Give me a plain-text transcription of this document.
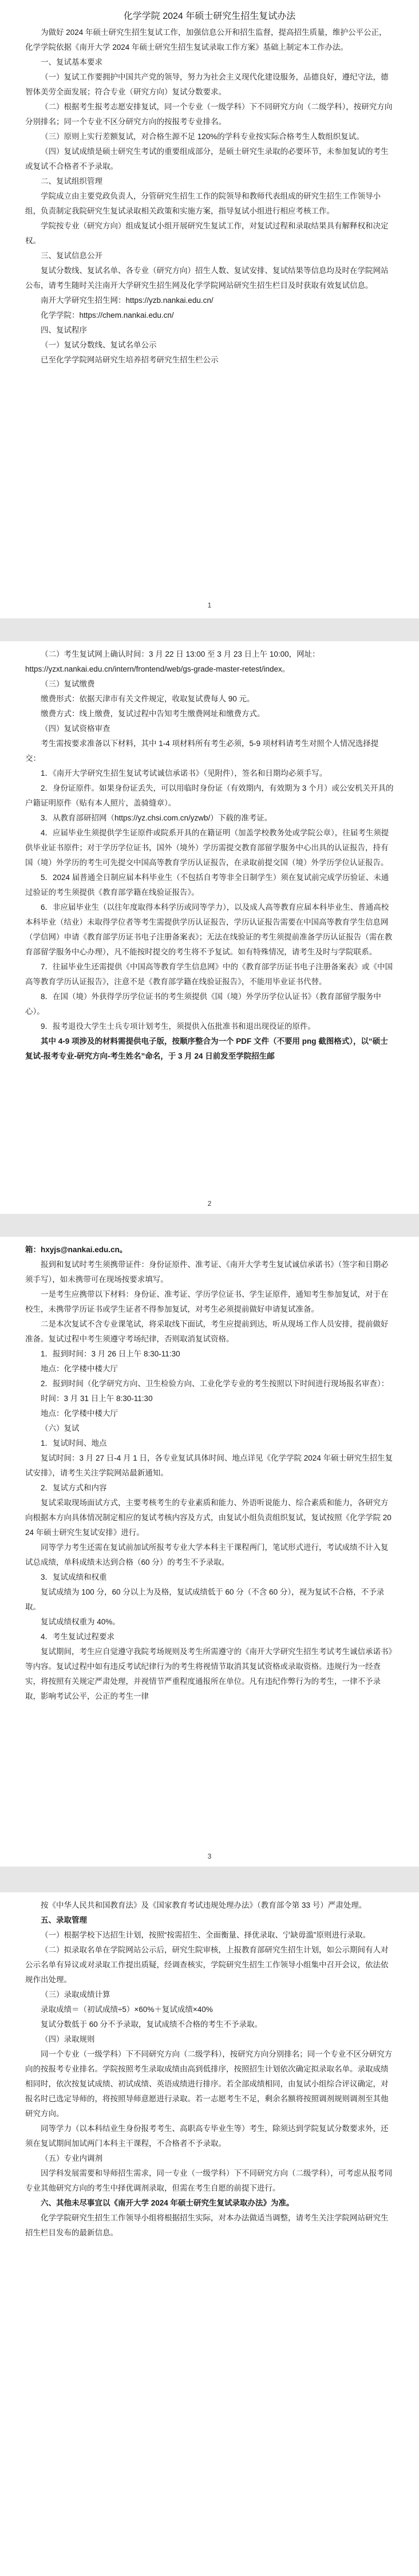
化学学院 2024 年硕士研究生招生复试办法

为做好 2024 年硕士研究生招生复试工作，加强信息公开和招生监督，提高招生质量，维护公平公正，化学学院依据《南开大学 2024 年硕士研究生招生复试录取工作方案》基础上制定本工作办法。

一、复试基本要求

（一）复试工作要拥护中国共产党的领导，努力为社会主义现代化建设服务，品德良好，遵纪守法，德智体美劳全面发展；符合专业（研究方向）复试分数要求。

（二）根据考生报考志愿安排复试，同一个专业（一级学科）下不同研究方向（二级学科），按研究方向分别排名；同一个专业不区分研究方向的按报考专业排名。

（三）原则上实行差额复试，对合格生源不足 120%的学科专业按实际合格考生人数组织复试。

（四）复试成绩是硕士研究生考试的重要组成部分，是硕士研究生录取的必要环节，未参加复试的考生或复试不合格者不予录取。

二、复试组织管理

学院成立由主要党政负责人，分管研究生招生工作的院领导和教师代表组成的研究生招生工作领导小组，负责制定我院研究生复试录取相关政策和实施方案，指导复试小组进行相应考核工作。

学院按专业（研究方向）组成复试小组开展研究生复试工作，对复试过程和录取结果具有解释权和决定权。

三、复试信息公开

复试分数线、复试名单、各专业（研究方向）招生人数、复试安排、复试结果等信息均及时在学院网站公布，请考生随时关注南开大学研究生招生网及化学学院网站研究生招生栏目及时获取有效复试信息。

南开大学研究生招生网：https://yzb.nankai.edu.cn/

化学学院：https://chem.nankai.edu.cn/

四、复试程序

（一）复试分数线、复试名单公示

已至化学学院网站研究生培养招考研究生招生栏公示

1

（二）考生复试网上确认时间：3 月 22 日 13:00 至 3 月 23 日上午 10:00，网址：

https://yzxt.nankai.edu.cn/intern/frontend/web/gs-grade-master-retest/index。

（三）复试缴费

缴费形式：依据天津市有关文件规定，收取复试费每人 90 元。

缴费方式：线上缴费，复试过程中告知考生缴费网址和缴费方式。

（四）复试资格审查

考生需按要求准备以下材料，其中 1-4 项材料所有考生必须，5-9 项材料请考生对照个人情况选择提交：

1．《南开大学研究生招生复试考试诚信承诺书》（见附件），签名和日期均必须手写。

2．身份证原件。如果身份证丢失，可以用临时身份证（有效期内，有效期为 3 个月）或公安机关开具的户籍证明原件（贴有本人照片，盖骑缝章）。

3．从教育部研招网（https://yz.chsi.com.cn/yzwb/）下载的准考证。

4．应届毕业生须提供学生证原件或院系开具的在籍证明（加盖学校教务处或学院公章），往届考生须提供毕业证书原件；对于学历学位证书，国外（境外）学历需提交教育部留学服务中心出具的认证报告，持有国（境）外学历的考生可先提交中国高等教育学历认证报告，在录取前提交国（境）外学历学位认证报告。

5．2024 届普通全日制应届本科毕业生（不包括自考等非全日制学生）须在复试前完成学历验证、未通过验证的考生须提供《教育部学籍在线验证报告》。

6．非应届毕业生（以往年度取得本科学历或同等学力），以及成人高等教育应届本科毕业生、普通高校本科毕业（结业）未取得学位者等考生需提供学历认证报告，学历认证报告需要在中国高等教育学生信息网（学信网）申请《教育部学历证书电子注册备案表》；无法在线验证的考生须提前准备学历认证报告（需在教育部留学服务中心办理），凡不能按时提交的考生将不予复试。如有特殊情况，请考生及时与学院联系。

7．往届毕业生还需提供《中国高等教育学生信息网》中的《教育部学历证书电子注册备案表》或《中国高等教育学历认证报告》，注意不是《教育部学籍在线验证报告》，不能用毕业证书代替。

8．在国（境）外获得学历学位证书的考生须提供《国（境）外学历学位认证书》（教育部留学服务中心）。

9．报考退役大学生士兵专项计划考生，须提供入伍批准书和退出现役证的原件。

其中 4-9 项涉及的材料需提供电子版，按顺序整合为一个 PDF 文件（不要用 png 截图格式），以“硕士复试-报考专业-研究方向-考生姓名”命名，于 3 月 24 日前发至学院招生邮

2

箱：hxyjs@nankai.edu.cn。

报到和复试时考生须携带证件：身份证原件、准考证、《南开大学考生复试诚信承诺书》（签字和日期必须手写），如未携带可在现场按要求填写。

一是考生应携带以下材料：身份证、准考证、学历学位证书、学生证原件，通知考生参加复试，对于在校生，未携带学历证书或学生证者不得参加复试，对考生必须提前做好申请复试准备。

二是本次复试不含专业课笔试，将采取线下面试，考生应提前到达，听从现场工作人员安排，提前做好准备。复试过程中考生须遵守考场纪律，否则取消复试资格。

1．报到时间：3 月 26 日上午 8:30-11:30

地点：化学楼中楼大厅

2．报到时间（化学研究方向、卫生检验方向、工业化学专业的考生按照以下时间进行现场报名审查）：

时间：3 月 31 日上午 8:30-11:30

地点：化学楼中楼大厅

（六）复试

1．复试时间、地点

复试时间：3 月 27 日-4 月 1 日，各专业复试具体时间、地点详见《化学学院 2024 年硕士研究生招生复试安排》，请考生关注学院网站最新通知。

2．复试方式和内容

复试采取现场面试方式，主要考核考生的专业素质和能力、外语听说能力、综合素质和能力，各研究方向根据本方向具体情况制定相应的复试考核内容及方式，由复试小组负责组织复试，复试按照《化学学院 2024 年硕士研究生复试安排》进行。

同等学力考生还需在复试前加试所报考专业大学本科主干课程两门，笔试形式进行，考试成绩不计入复试总成绩，单科成绩未达到合格（60 分）的考生不予录取。

3．复试成绩和权重

复试成绩为 100 分，60 分以上为及格，复试成绩低于 60 分（不含 60 分），视为复试不合格，不予录取。

复试成绩权重为 40%。

4．考生复试过程要求

复试期间，考生应自觉遵守我院考场规则及考生所需遵守的《南开大学研究生招生考试考生诚信承诺书》等内容。复试过程中如有违反考试纪律行为的考生将视情节取消其复试资格或录取资格。违规行为一经查实，将按照有关规定严肃处理，并视情节严重程度通报所在单位。凡有违纪作弊行为的考生，一律不予录取，影响考试公平，公正的考生一律

3

按《中华人民共和国教育法》及《国家教育考试违规处理办法》（教育部令第 33 号）严肃处理。

五、录取管理

（一）根据学校下达招生计划，按照“按需招生、全面衡量、择优录取、宁缺毋滥”原则进行录取。

（二）拟录取名单在学院网站公示后，研究生院审核，上报教育部研究生招生计划，如公示期间有人对公示名单有异议或对录取工作提出质疑，经调查核实，学院研究生招生工作领导小组集中召开会议，依法依规作出处理。

（三）录取成绩计算

录取成绩＝（初试成绩÷5）×60%＋复试成绩×40%

复试分数低于 60 分不予录取，复试成绩不合格的考生不予录取。

（四）录取规则

同一个专业（一级学科）下不同研究方向（二级学科），按研究方向分别排名；同一个专业不区分研究方向的按报考专业排名。学院按照考生录取成绩由高到低排序，按照招生计划依次确定拟录取名单。录取成绩相同时，依次按复试成绩、初试成绩、英语成绩进行排序。若全部成绩相同，由复试小组综合评议确定，对报名时已选定导师的，将按照导师意愿进行录取。若一志愿考生不足，剩余名额将按照调剂规则调剂至其他研究方向。

同等学力（以本科结业生身份报考考生、高职高专毕业生等）考生，除须达到学院复试分数要求外，还须在复试期间加试两门本科主干课程，不合格者不予录取。

（五）专业内调剂

因学科发展需要和导师招生需求，同一专业（一级学科）下不同研究方向（二级学科），可考虑从报考同专业其他研究方向的考生中择优调剂录取，但需在考生自愿的前提下进行。

六、其他未尽事宜以《南开大学 2024 年硕士研究生复试录取办法》为准。

化学学院研究生招生工作领导小组将根据招生实际，对本办法做适当调整，请考生关注学院网站研究生招生栏目发布的最新信息。
